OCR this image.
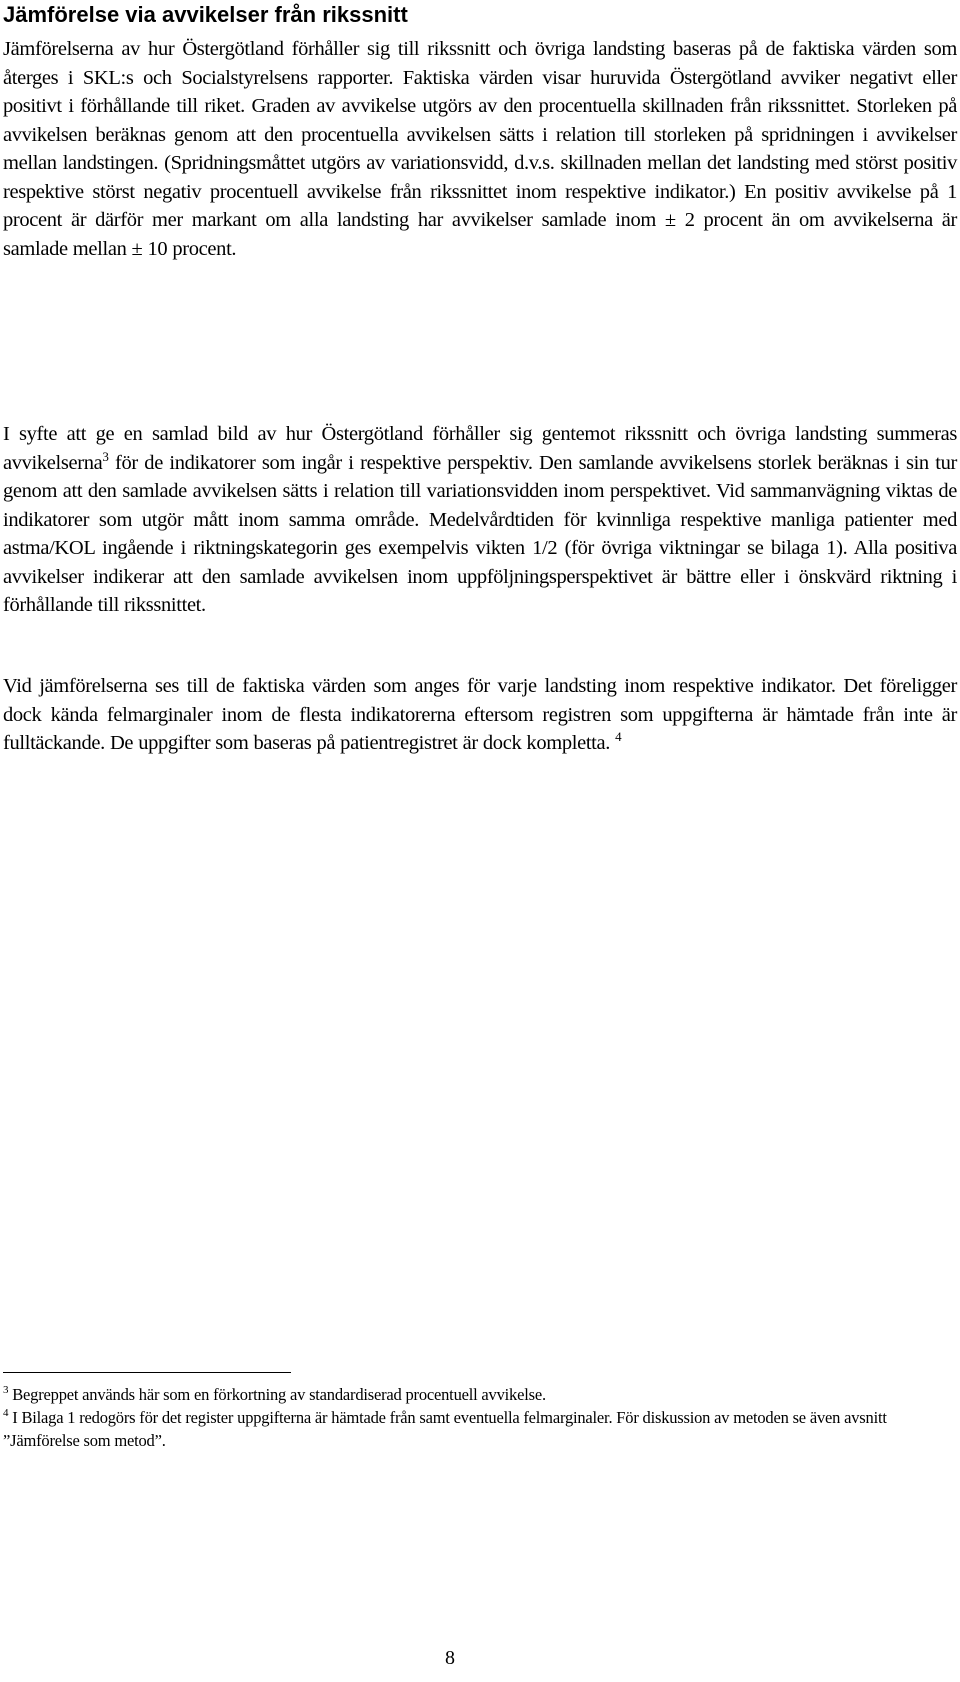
Jämförelse via avvikelser från rikssnitt

Jämförelserna av hur Östergötland förhåller sig till rikssnitt och övriga landsting baseras på de faktiska värden som återges i SKL:s och Socialstyrelsens rapporter. Faktiska värden visar huruvida Östergötland avviker negativt eller positivt i förhållande till riket. Graden av avvikelse utgörs av den procentuella skillnaden från rikssnittet. Storleken på avvikelsen beräknas genom att den procentuella avvikelsen sätts i relation till storleken på spridningen i avvikelser mellan landstingen. (Spridningsmåttet utgörs av variationsvidd, d.v.s. skillnaden mellan det landsting med störst positiv respektive störst negativ procentuell avvikelse från rikssnittet inom respektive indikator.) En positiv avvikelse på 1 procent är därför mer markant om alla landsting har avvikelser samlade inom ± 2 procent än om avvikelserna är samlade mellan ± 10 procent.

I syfte att ge en samlad bild av hur Östergötland förhåller sig gentemot rikssnitt och övriga landsting summeras avvikelserna$^3$ för de indikatorer som ingår i respektive perspektiv. Den samlande avvikelsens storlek beräknas i sin tur genom att den samlade avvikelsen sätts i relation till variationsvidden inom perspektivet. Vid sammanvägning viktas de indikatorer som utgör mått inom samma område. Medelvårdtiden för kvinnliga respektive manliga patienter med astma/KOL ingående i riktningskategorin ges exempelvis vikten 1/2 (för övriga viktningar se bilaga 1). Alla positiva avvikelser indikerar att den samlade avvikelsen inom uppföljningsperspektivet är bättre eller i önskvärd riktning i förhållande till rikssnittet.

Vid jämförelserna ses till de faktiska värden som anges för varje landsting inom respektive indikator. Det föreligger dock kända felmarginaler inom de flesta indikatorerna eftersom registren som uppgifterna är hämtade från inte är fulltäckande. De uppgifter som baseras på patientregistret är dock kompletta. $^4$

$^3$ Begreppet används här som en förkortning av standardiserad procentuell avvikelse.

$^4$ I Bilaga 1 redogörs för det register uppgifterna är hämtade från samt eventuella felmarginaler. För diskussion av metoden se även avsnitt ”Jämförelse som metod”.

8
